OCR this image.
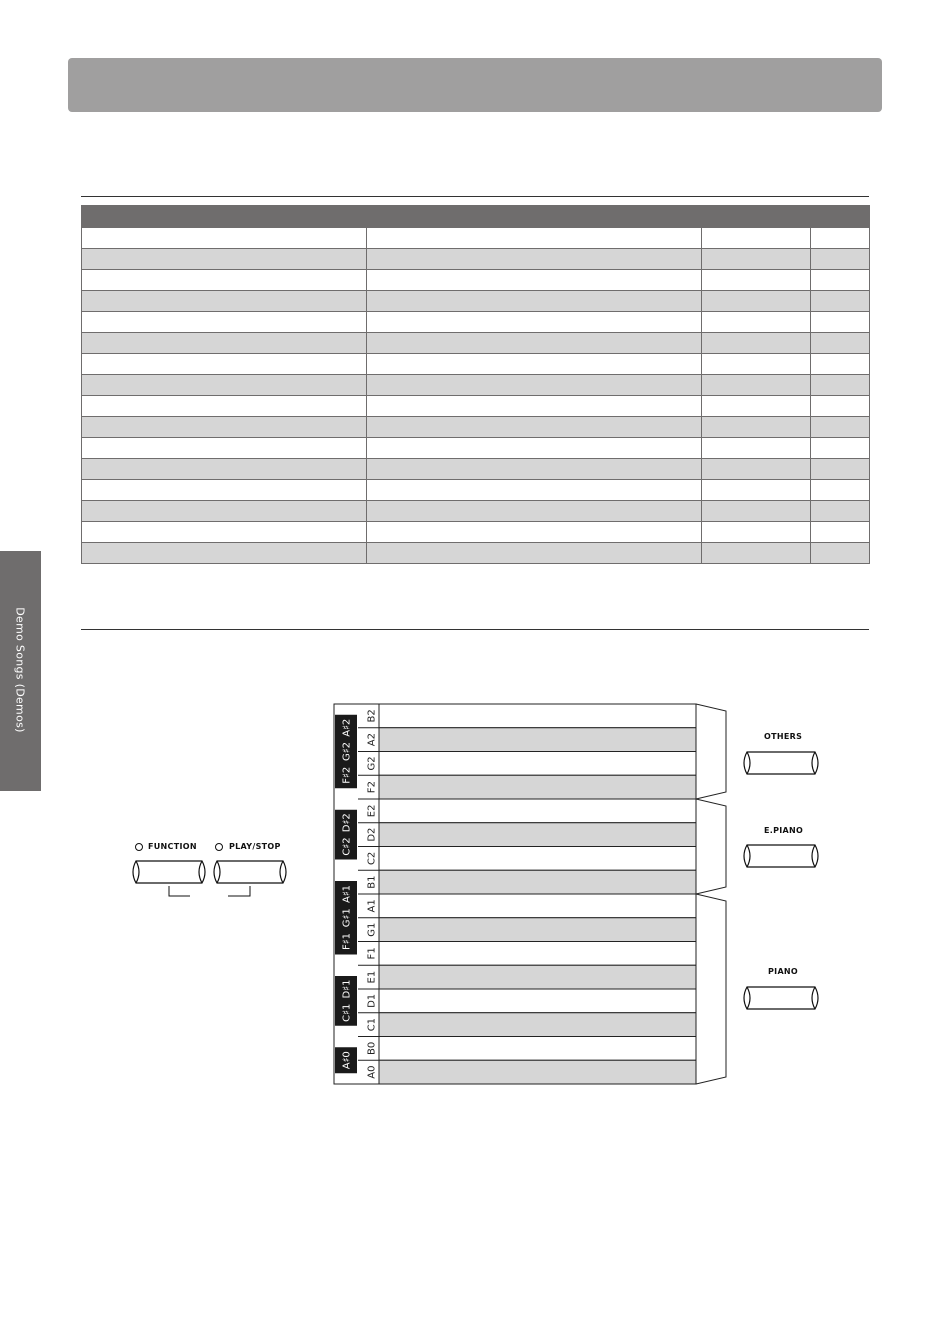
Demo Songs (Demos)

FUNCTION	PLAY/STOP
B2
A2
G2
F2
E2
D2
C2
B1
A1
G1
F1
E1
D1
C1
B0
A0
A♯2
G♯2
F♯2
D♯2
C♯2
A♯1
G♯1
F♯1
D♯1
C♯1
A♯0
OTHERS
E.PIANO
PIANO
